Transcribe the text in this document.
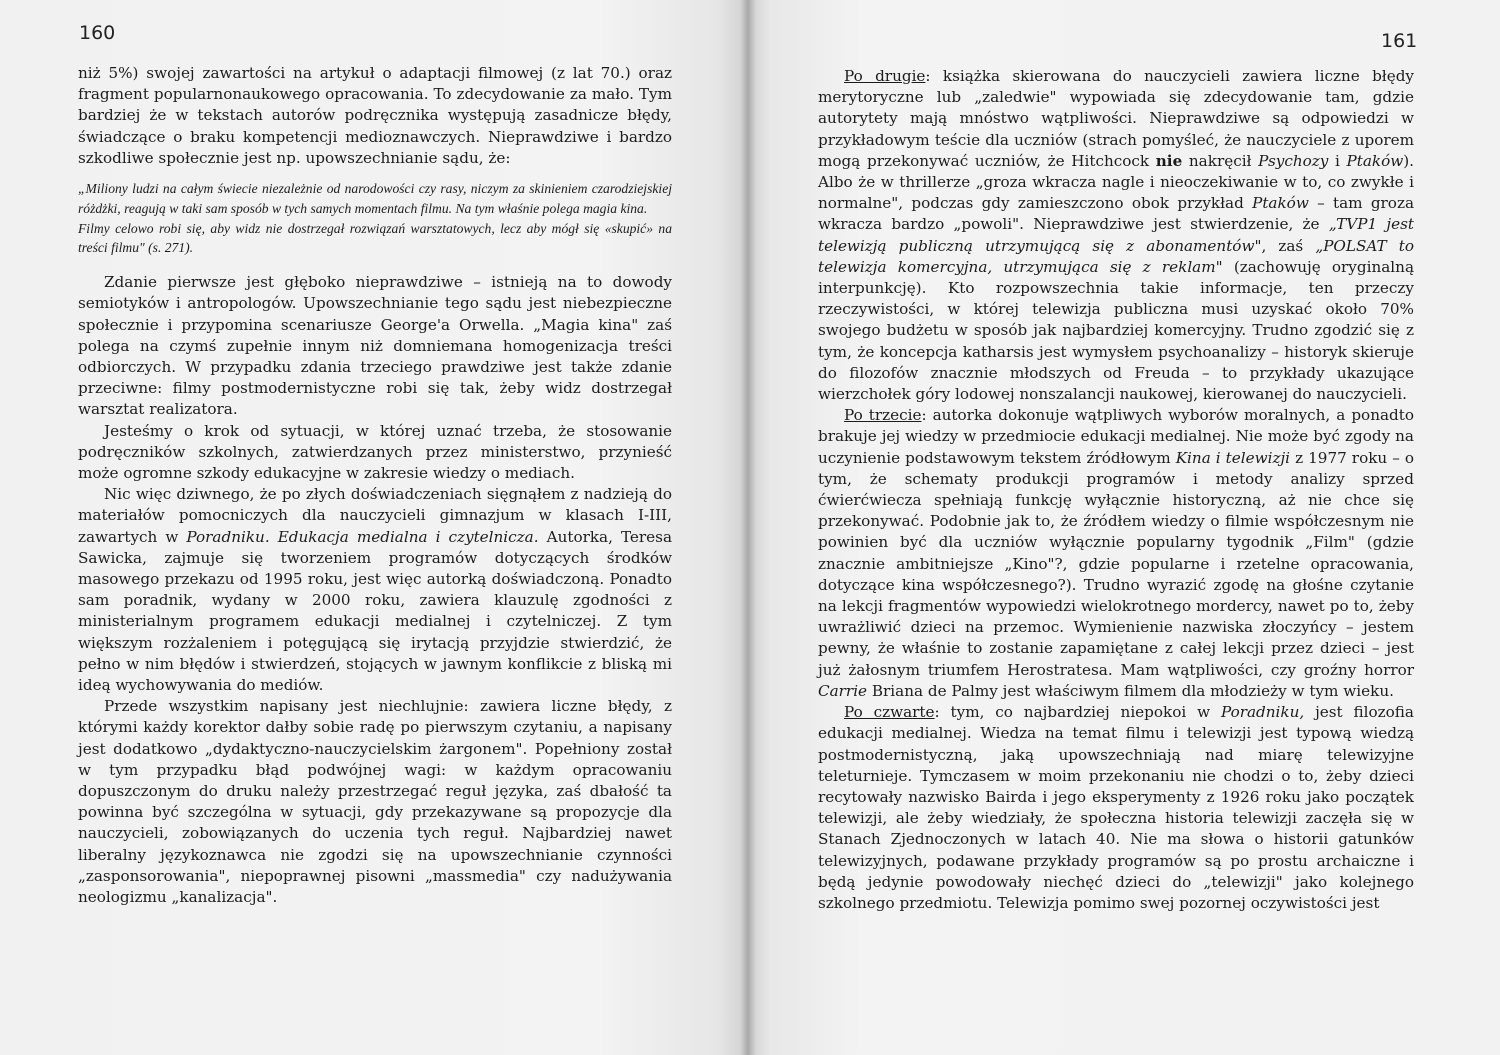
160

niż 5%) swojej zawartości na artykuł o adaptacji filmowej (z lat 70.) oraz fragment popularnonaukowego opracowania. To zdecydowanie za mało. Tym bardziej że w tekstach autorów podręcznika występują zasadnicze błędy, świadczące o braku kompetencji medioznawczych. Nieprawdziwe i bardzo szkodliwe społecznie jest np. upowszechnianie sądu, że:

„Miliony ludzi na całym świecie niezależnie od narodowości czy rasy, niczym za skinieniem czarodziejskiej różdżki, reagują w taki sam sposób w tych samych momentach filmu. Na tym właśnie polega magia kina.

Filmy celowo robi się, aby widz nie dostrzegał rozwiązań warsztatowych, lecz aby mógł się «skupić» na treści filmu" (s. 271).

Zdanie pierwsze jest głęboko nieprawdziwe – istnieją na to dowody semiotyków i antropologów. Upowszechnianie tego sądu jest niebezpieczne społecznie i przypomina scenariusze George'a Orwella. „Magia kina" zaś polega na czymś zupełnie innym niż domniemana homogenizacja treści odbiorczych. W przypadku zdania trzeciego prawdziwe jest także zdanie przeciwne: filmy postmodernistyczne robi się tak, żeby widz dostrzegał warsztat realizatora.

Jesteśmy o krok od sytuacji, w której uznać trzeba, że stosowanie podręczników szkolnych, zatwierdzanych przez ministerstwo, przynieść może ogromne szkody edukacyjne w zakresie wiedzy o mediach.

Nic więc dziwnego, że po złych doświadczeniach sięgnąłem z nadzieją do materiałów pomocniczych dla nauczycieli gimnazjum w klasach I-III, zawartych w Poradniku. Edukacja medialna i czytelnicza. Autorka, Teresa Sawicka, zajmuje się tworzeniem programów dotyczących środków masowego przekazu od 1995 roku, jest więc autorką doświadczoną. Ponadto sam poradnik, wydany w 2000 roku, zawiera klauzulę zgodności z ministerialnym programem edukacji medialnej i czytelniczej. Z tym większym rozżaleniem i potęgującą się irytacją przyjdzie stwierdzić, że pełno w nim błędów i stwierdzeń, stojących w jawnym konflikcie z bliską mi ideą wychowywania do mediów.

Przede wszystkim napisany jest niechlujnie: zawiera liczne błędy, z którymi każdy korektor dałby sobie radę po pierwszym czytaniu, a napisany jest dodatkowo „dydaktyczno-nauczycielskim żargonem". Popełniony został w tym przypadku błąd podwójnej wagi: w każdym opracowaniu dopuszczonym do druku należy przestrzegać reguł języka, zaś dbałość ta powinna być szczególna w sytuacji, gdy przekazywane są propozycje dla nauczycieli, zobowiązanych do uczenia tych reguł. Najbardziej nawet liberalny językoznawca nie zgodzi się na upowszechnianie czynności „zasponsorowania", niepoprawnej pisowni „massmedia" czy nadużywania neologizmu „kanalizacja".

161

Po drugie: książka skierowana do nauczycieli zawiera liczne błędy merytoryczne lub „zaledwie" wypowiada się zdecydowanie tam, gdzie autorytety mają mnóstwo wątpliwości. Nieprawdziwe są odpowiedzi w przykładowym teście dla uczniów (strach pomyśleć, że nauczyciele z uporem mogą przekonywać uczniów, że Hitchcock nie nakręcił Psychozy i Ptaków). Albo że w thrillerze „groza wkracza nagle i nieoczekiwanie w to, co zwykłe i normalne", podczas gdy zamieszczono obok przykład Ptaków – tam groza wkracza bardzo „powoli". Nieprawdziwe jest stwierdzenie, że „TVP1 jest telewizją publiczną utrzymującą się z abonamentów", zaś „POLSAT to telewizja komercyjna, utrzymująca się z reklam" (zachowuję oryginalną interpunkcję). Kto rozpowszechnia takie informacje, ten przeczy rzeczywistości, w której telewizja publiczna musi uzyskać około 70% swojego budżetu w sposób jak najbardziej komercyjny. Trudno zgodzić się z tym, że koncepcja katharsis jest wymysłem psychoanalizy – historyk skieruje do filozofów znacznie młodszych od Freuda – to przykłady ukazujące wierzchołek góry lodowej nonszalancji naukowej, kierowanej do nauczycieli.

Po trzecie: autorka dokonuje wątpliwych wyborów moralnych, a ponadto brakuje jej wiedzy w przedmiocie edukacji medialnej. Nie może być zgody na uczynienie podstawowym tekstem źródłowym Kina i telewizji z 1977 roku – o tym, że schematy produkcji programów i metody analizy sprzed ćwierćwiecza spełniają funkcję wyłącznie historyczną, aż nie chce się przekonywać. Podobnie jak to, że źródłem wiedzy o filmie współczesnym nie powinien być dla uczniów wyłącznie popularny tygodnik „Film" (gdzie znacznie ambitniejsze „Kino"?, gdzie popularne i rzetelne opracowania, dotyczące kina współczesnego?). Trudno wyrazić zgodę na głośne czytanie na lekcji fragmentów wypowiedzi wielokrotnego mordercy, nawet po to, żeby uwrażliwić dzieci na przemoc. Wymienienie nazwiska złoczyńcy – jestem pewny, że właśnie to zostanie zapamiętane z całej lekcji przez dzieci – jest już żałosnym triumfem Herostratesa. Mam wątpliwości, czy groźny horror Carrie Briana de Palmy jest właściwym filmem dla młodzieży w tym wieku.

Po czwarte: tym, co najbardziej niepokoi w Poradniku, jest filozofia edukacji medialnej. Wiedza na temat filmu i telewizji jest typową wiedzą postmodernistyczną, jaką upowszechniają nad miarę telewizyjne teleturnieje. Tymczasem w moim przekonaniu nie chodzi o to, żeby dzieci recytowały nazwisko Bairda i jego eksperymenty z 1926 roku jako początek telewizji, ale żeby wiedziały, że społeczna historia telewizji zaczęła się w Stanach Zjednoczonych w latach 40. Nie ma słowa o historii gatunków telewizyjnych, podawane przykłady programów są po prostu archaiczne i będą jedynie powodowały niechęć dzieci do „telewizji" jako kolejnego szkolnego przedmiotu. Telewizja pomimo swej pozornej oczywistości jest
